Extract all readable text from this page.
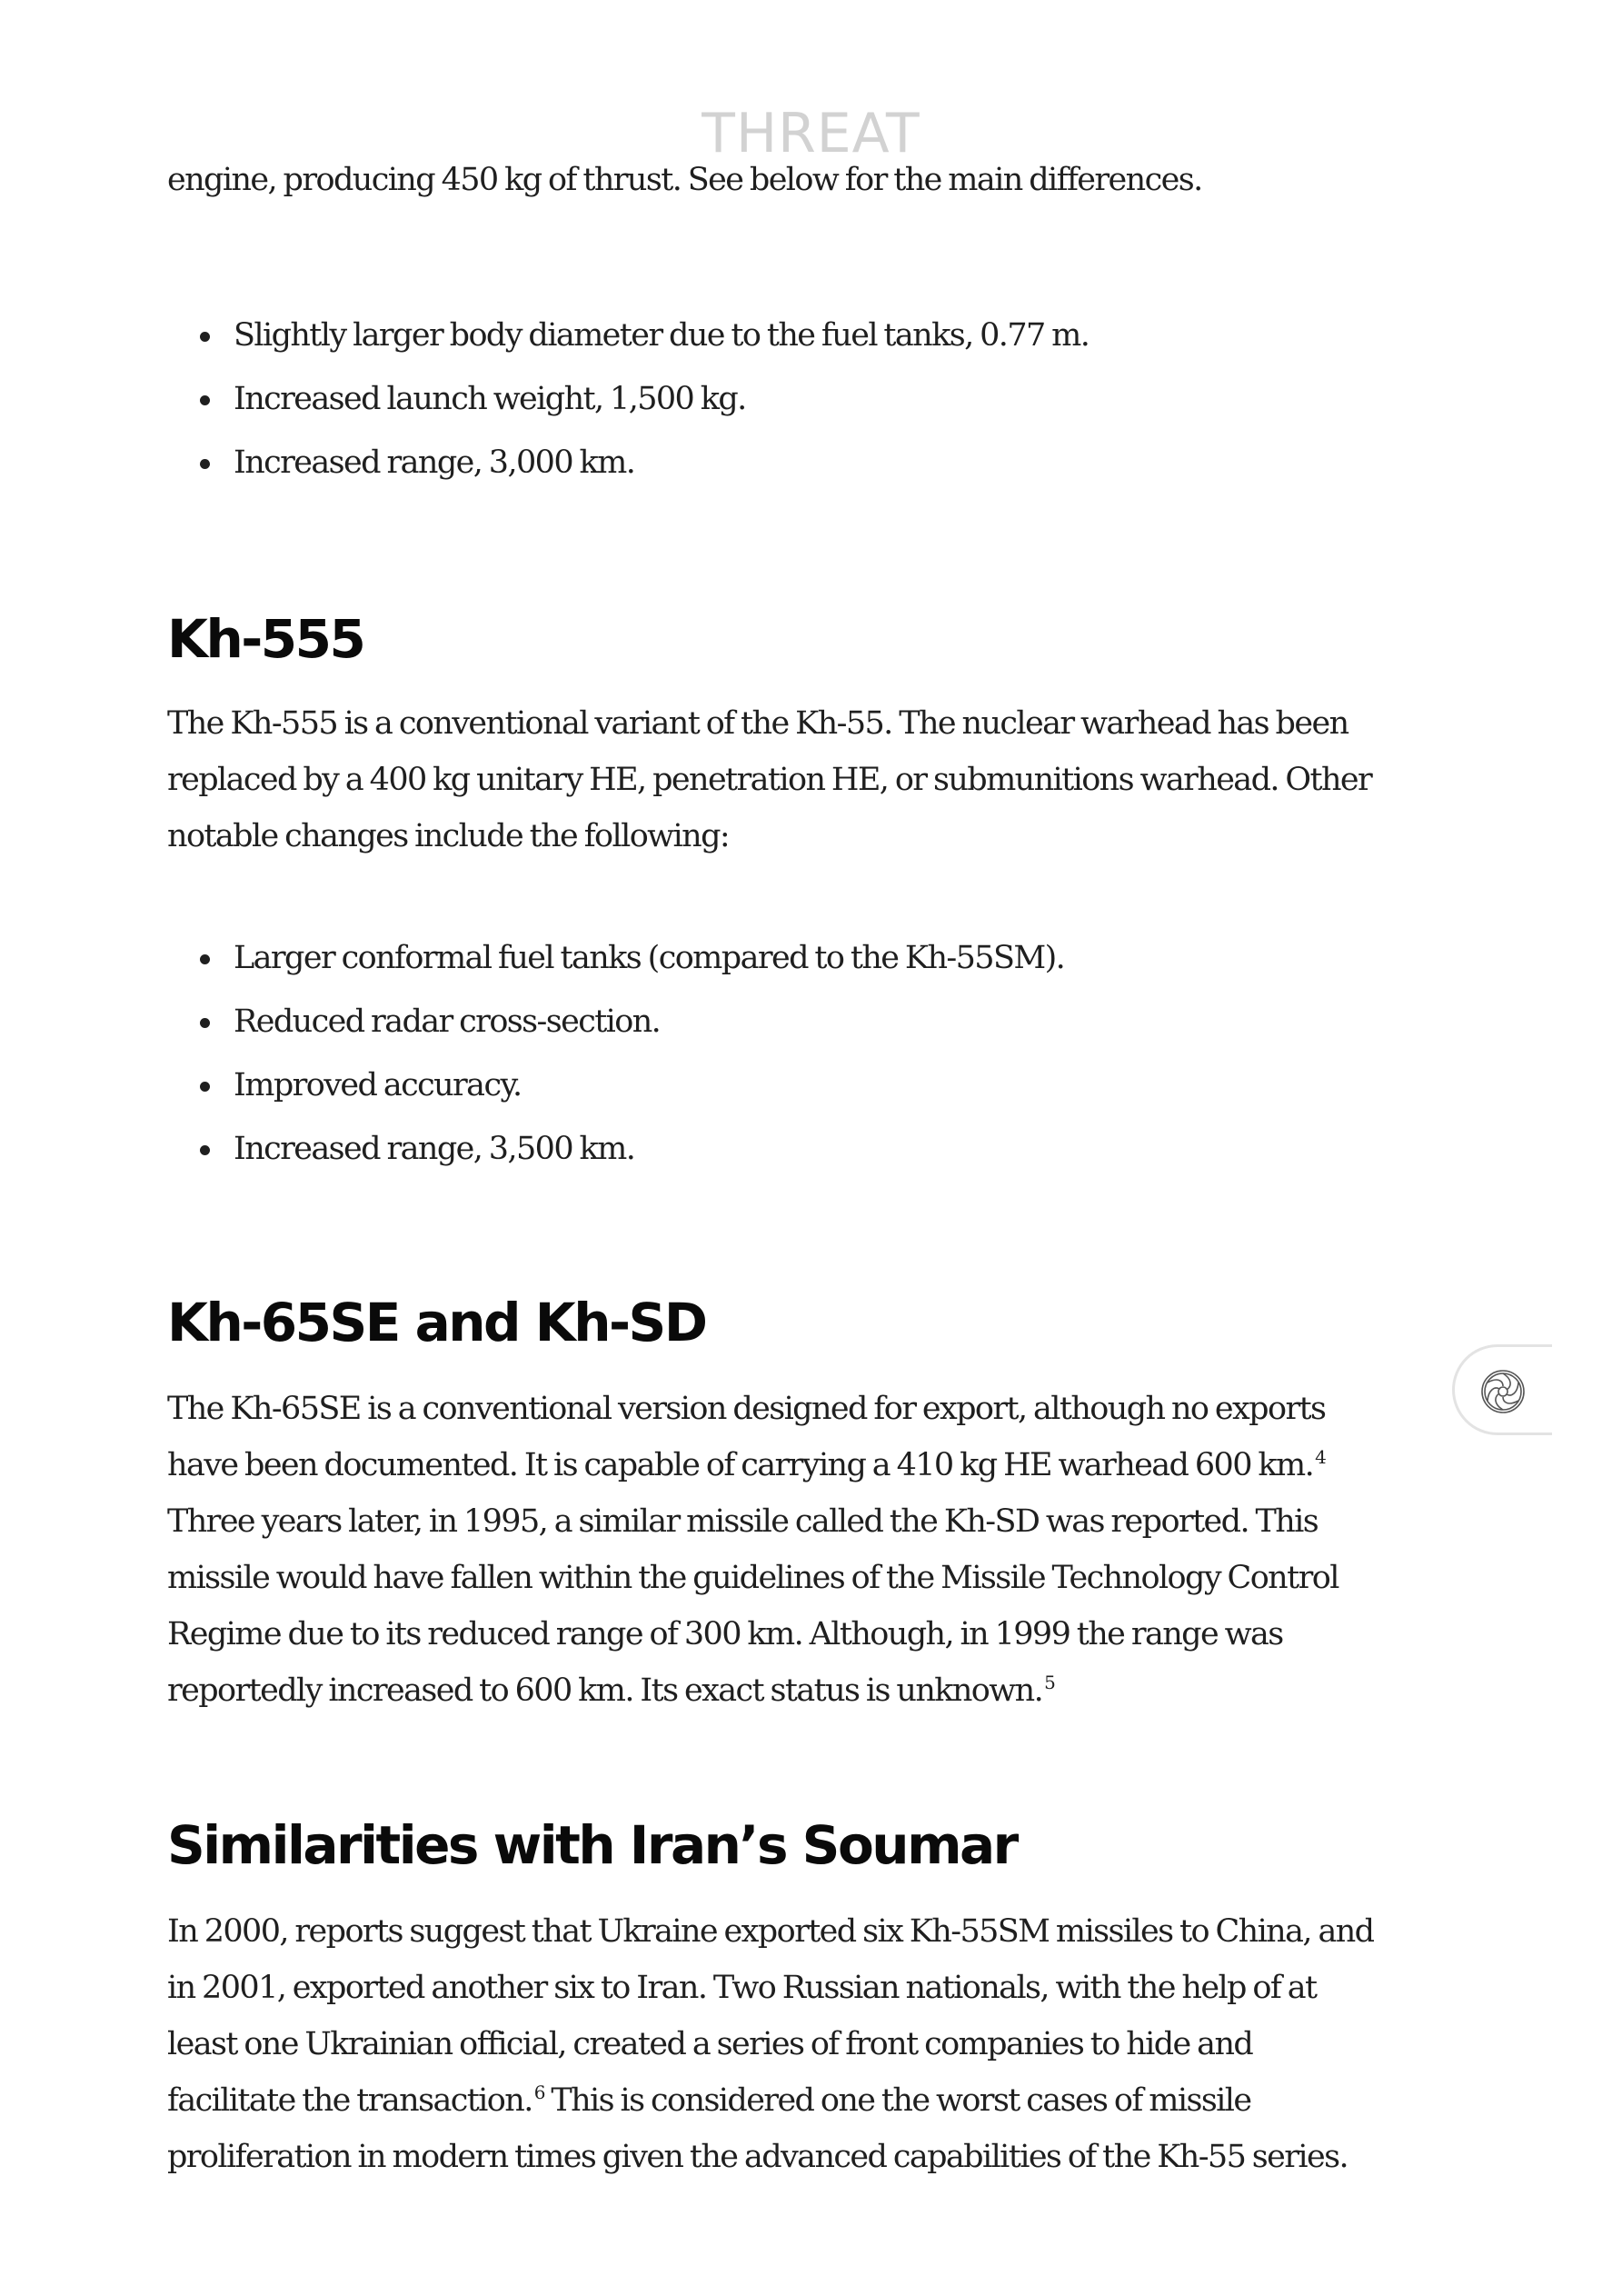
THREAT
engine, producing 450 kg of thrust. See below for the main differences.
Slightly larger body diameter due to the fuel tanks, 0.77 m.
Increased launch weight, 1,500 kg.
Increased range, 3,000 km.
Kh-555

The Kh-555 is a conventional variant of the Kh-55. The nuclear warhead has been
replaced by a 400 kg unitary HE, penetration HE, or submunitions warhead. Other
notable changes include the following:

Larger conformal fuel tanks (compared to the Kh-55SM).
Reduced radar cross-section.
Improved accuracy.
Increased range, 3,500 km.
Kh-65SE and Kh-SD

The Kh-65SE is a conventional version designed for export, although no exports
have been documented. It is capable of carrying a 410 kg HE warhead 600 km. $^4$
Three years later, in 1995, a similar missile called the Kh-SD was reported. This
missile would have fallen within the guidelines of the Missile Technology Control
Regime due to its reduced range of 300 km. Although, in 1999 the range was
reportedly increased to 600 km. Its exact status is unknown. $^5$

Similarities with Iran’s Soumar

In 2000, reports suggest that Ukraine exported six Kh-55SM missiles to China, and
in 2001, exported another six to Iran. Two Russian nationals, with the help of at
least one Ukrainian official, created a series of front companies to hide and
facilitate the transaction. $^6$ This is considered one the worst cases of missile
proliferation in modern times given the advanced capabilities of the Kh-55 series.
